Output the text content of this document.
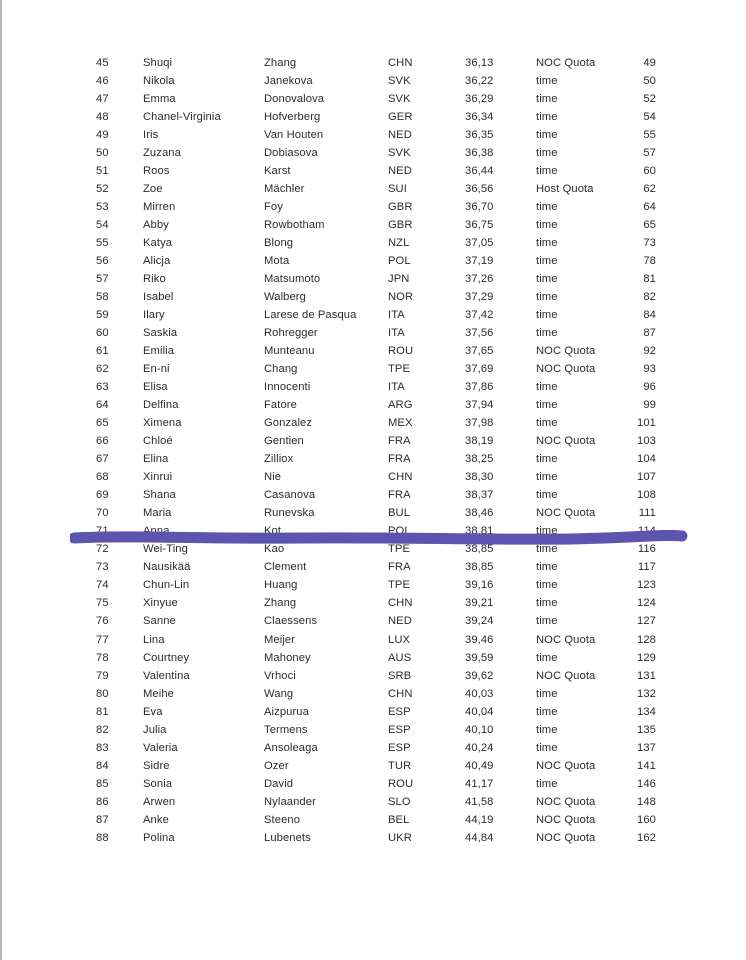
45	Shuqi	Zhang	CHN	36,13	NOC Quota	49
46	Nikola	Janekova	SVK	36,22	time	50
47	Emma	Donovalova	SVK	36,29	time	52
48	Chanel-Virginia	Hofverberg	GER	36,34	time	54
49	Iris	Van Houten	NED	36,35	time	55
50	Zuzana	Dobiasova	SVK	36,38	time	57
51	Roos	Karst	NED	36,44	time	60
52	Zoe	Mächler	SUI	36,56	Host Quota	62
53	Mirren	Foy	GBR	36,70	time	64
54	Abby	Rowbotham	GBR	36,75	time	65
55	Katya	Blong	NZL	37,05	time	73
56	Alicja	Mota	POL	37,19	time	78
57	Riko	Matsumoto	JPN	37,26	time	81
58	Isabel	Walberg	NOR	37,29	time	82
59	Ilary	Larese de Pasqua	ITA	37,42	time	84
60	Saskia	Rohregger	ITA	37,56	time	87
61	Emilia	Munteanu	ROU	37,65	NOC Quota	92
62	En-ni	Chang	TPE	37,69	NOC Quota	93
63	Elisa	Innocenti	ITA	37,86	time	96
64	Delfina	Fatore	ARG	37,94	time	99
65	Ximena	Gonzalez	MEX	37,98	time	101
66	Chloé	Gentien	FRA	38,19	NOC Quota	103
67	Elina	Zilliox	FRA	38,25	time	104
68	Xinrui	Nie	CHN	38,30	time	107
69	Shana	Casanova	FRA	38,37	time	108
70	Maria	Runevska	BUL	38,46	NOC Quota	111
71	Anna	Kot	POL	38,81	time	114
72	Wei-Ting	Kao	TPE	38,85	time	116
73	Nausikää	Clement	FRA	38,85	time	117
74	Chun-Lin	Huang	TPE	39,16	time	123
75	Xinyue	Zhang	CHN	39,21	time	124
76	Sanne	Claessens	NED	39,24	time	127
77	Lina	Meijer	LUX	39,46	NOC Quota	128
78	Courtney	Mahoney	AUS	39,59	time	129
79	Valentina	Vrhoci	SRB	39,62	NOC Quota	131
80	Meihe	Wang	CHN	40,03	time	132
81	Eva	Aizpurua	ESP	40,04	time	134
82	Julia	Termens	ESP	40,10	time	135
83	Valeria	Ansoleaga	ESP	40,24	time	137
84	Sidre	Ozer	TUR	40,49	NOC Quota	141
85	Sonia	David	ROU	41,17	time	146
86	Arwen	Nylaander	SLO	41,58	NOC Quota	148
87	Anke	Steeno	BEL	44,19	NOC Quota	160
88	Polina	Lubenets	UKR	44,84	NOC Quota	162
